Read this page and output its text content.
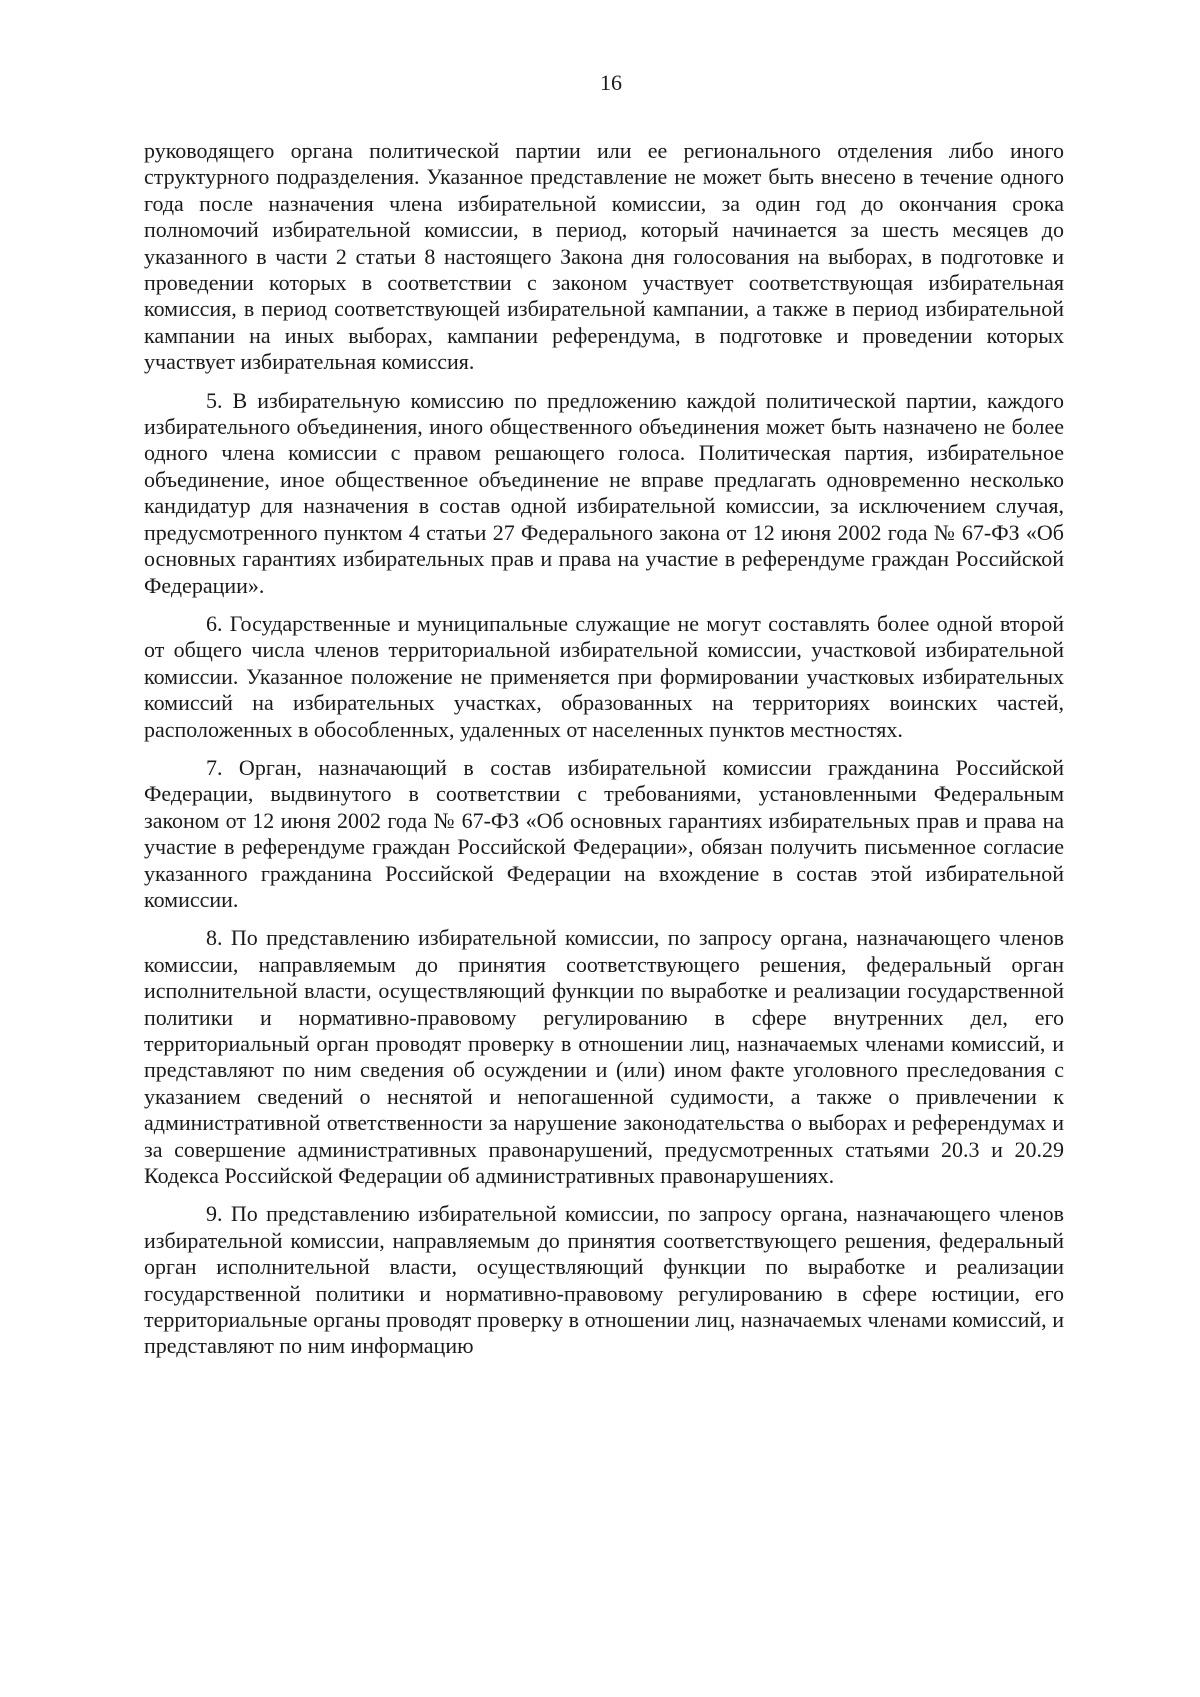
16

руководящего органа политической партии или ее регионального отделения либо иного структурного подразделения. Указанное представление не может быть внесено в течение одного года после назначения члена избирательной комиссии, за один год до окончания срока полномочий избирательной комиссии, в период, который начинается за шесть месяцев до указанного в части 2 статьи 8 настоящего Закона дня голосования на выборах, в подготовке и проведении которых в соответствии с законом участвует соответствующая избирательная комиссия, в период соответствующей избирательной кампании, а также в период избирательной кампании на иных выборах, кампании референдума, в подготовке и проведении которых участвует избирательная комиссия.

5. В избирательную комиссию по предложению каждой политической партии, каждого избирательного объединения, иного общественного объединения может быть назначено не более одного члена комиссии с правом решающего голоса. Политическая партия, избирательное объединение, иное общественное объединение не вправе предлагать одновременно несколько кандидатур для назначения в состав одной избирательной комиссии, за исключением случая, предусмотренного пунктом 4 статьи 27 Федерального закона от 12 июня 2002 года № 67-ФЗ «Об основных гарантиях избирательных прав и права на участие в референдуме граждан Российской Федерации».

6. Государственные и муниципальные служащие не могут составлять более одной второй от общего числа членов территориальной избирательной комиссии, участковой избирательной комиссии. Указанное положение не применяется при формировании участковых избирательных комиссий на избирательных участках, образованных на территориях воинских частей, расположенных в обособленных, удаленных от населенных пунктов местностях.

7. Орган, назначающий в состав избирательной комиссии гражданина Российской Федерации, выдвинутого в соответствии с требованиями, установленными Федеральным законом от 12 июня 2002 года № 67-ФЗ «Об основных гарантиях избирательных прав и права на участие в референдуме граждан Российской Федерации», обязан получить письменное согласие указанного гражданина Российской Федерации на вхождение в состав этой избирательной комиссии.

8. По представлению избирательной комиссии, по запросу органа, назначающего членов комиссии, направляемым до принятия соответствующего решения, федеральный орган исполнительной власти, осуществляющий функции по выработке и реализации государственной политики и нормативно-правовому регулированию в сфере внутренних дел, его территориальный орган проводят проверку в отношении лиц, назначаемых членами комиссий, и представляют по ним сведения об осуждении и (или) ином факте уголовного преследования с указанием сведений о неснятой и непогашенной судимости, а также о привлечении к административной ответственности за нарушение законодательства о выборах и референдумах и за совершение административных правонарушений, предусмотренных статьями 20.3 и 20.29 Кодекса Российской Федерации об административных правонарушениях.

9. По представлению избирательной комиссии, по запросу органа, назначающего членов избирательной комиссии, направляемым до принятия соответствующего решения, федеральный орган исполнительной власти, осуществляющий функции по выработке и реализации государственной политики и нормативно-правовому регулированию в сфере юстиции, его территориальные органы проводят проверку в отношении лиц, назначаемых членами комиссий, и представляют по ним информацию
